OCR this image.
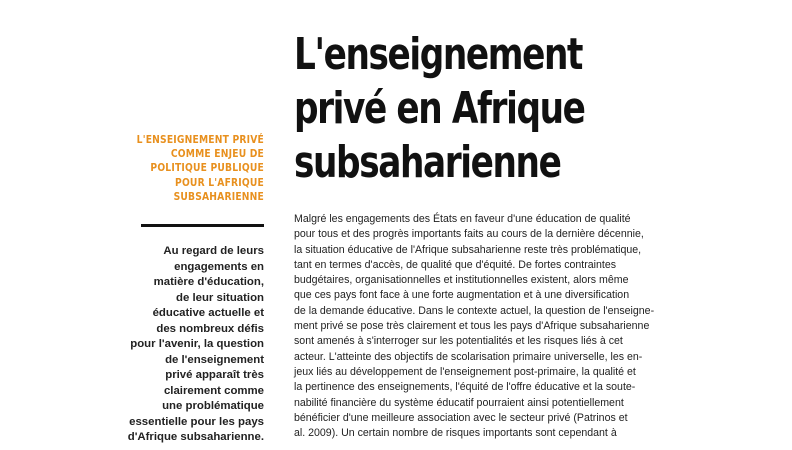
L'ENSEIGNEMENT PRIVÉ
COMME ENJEU DE
POLITIQUE PUBLIQUE
POUR L'AFRIQUE
SUBSAHARIENNE
Au regard de leurs
engagements en
matière d'éducation,
de leur situation
éducative actuelle et
des nombreux défis
pour l'avenir, la question
de l'enseignement
privé apparaît très
clairement comme
une problématique
essentielle pour les pays
d'Afrique subsaharienne.
L'enseignement
privé en Afrique
subsaharienne
Malgré les engagements des États en faveur d'une éducation de qualité
pour tous et des progrès importants faits au cours de la dernière décennie,
la situation éducative de l'Afrique subsaharienne reste très problématique,
tant en termes d'accès, de qualité que d'équité. De fortes contraintes
budgétaires, organisationnelles et institutionnelles existent, alors même
que ces pays font face à une forte augmentation et à une diversification
de la demande éducative. Dans le contexte actuel, la question de l'enseigne-
ment privé se pose très clairement et tous les pays d'Afrique subsaharienne
sont amenés à s'interroger sur les potentialités et les risques liés à cet
acteur. L'atteinte des objectifs de scolarisation primaire universelle, les en-
jeux liés au développement de l'enseignement post-primaire, la qualité et
la pertinence des enseignements, l'équité de l'offre éducative et la soute-
nabilité financière du système éducatif pourraient ainsi potentiellement
bénéficier d'une meilleure association avec le secteur privé (Patrinos et
al. 2009). Un certain nombre de risques importants sont cependant à
